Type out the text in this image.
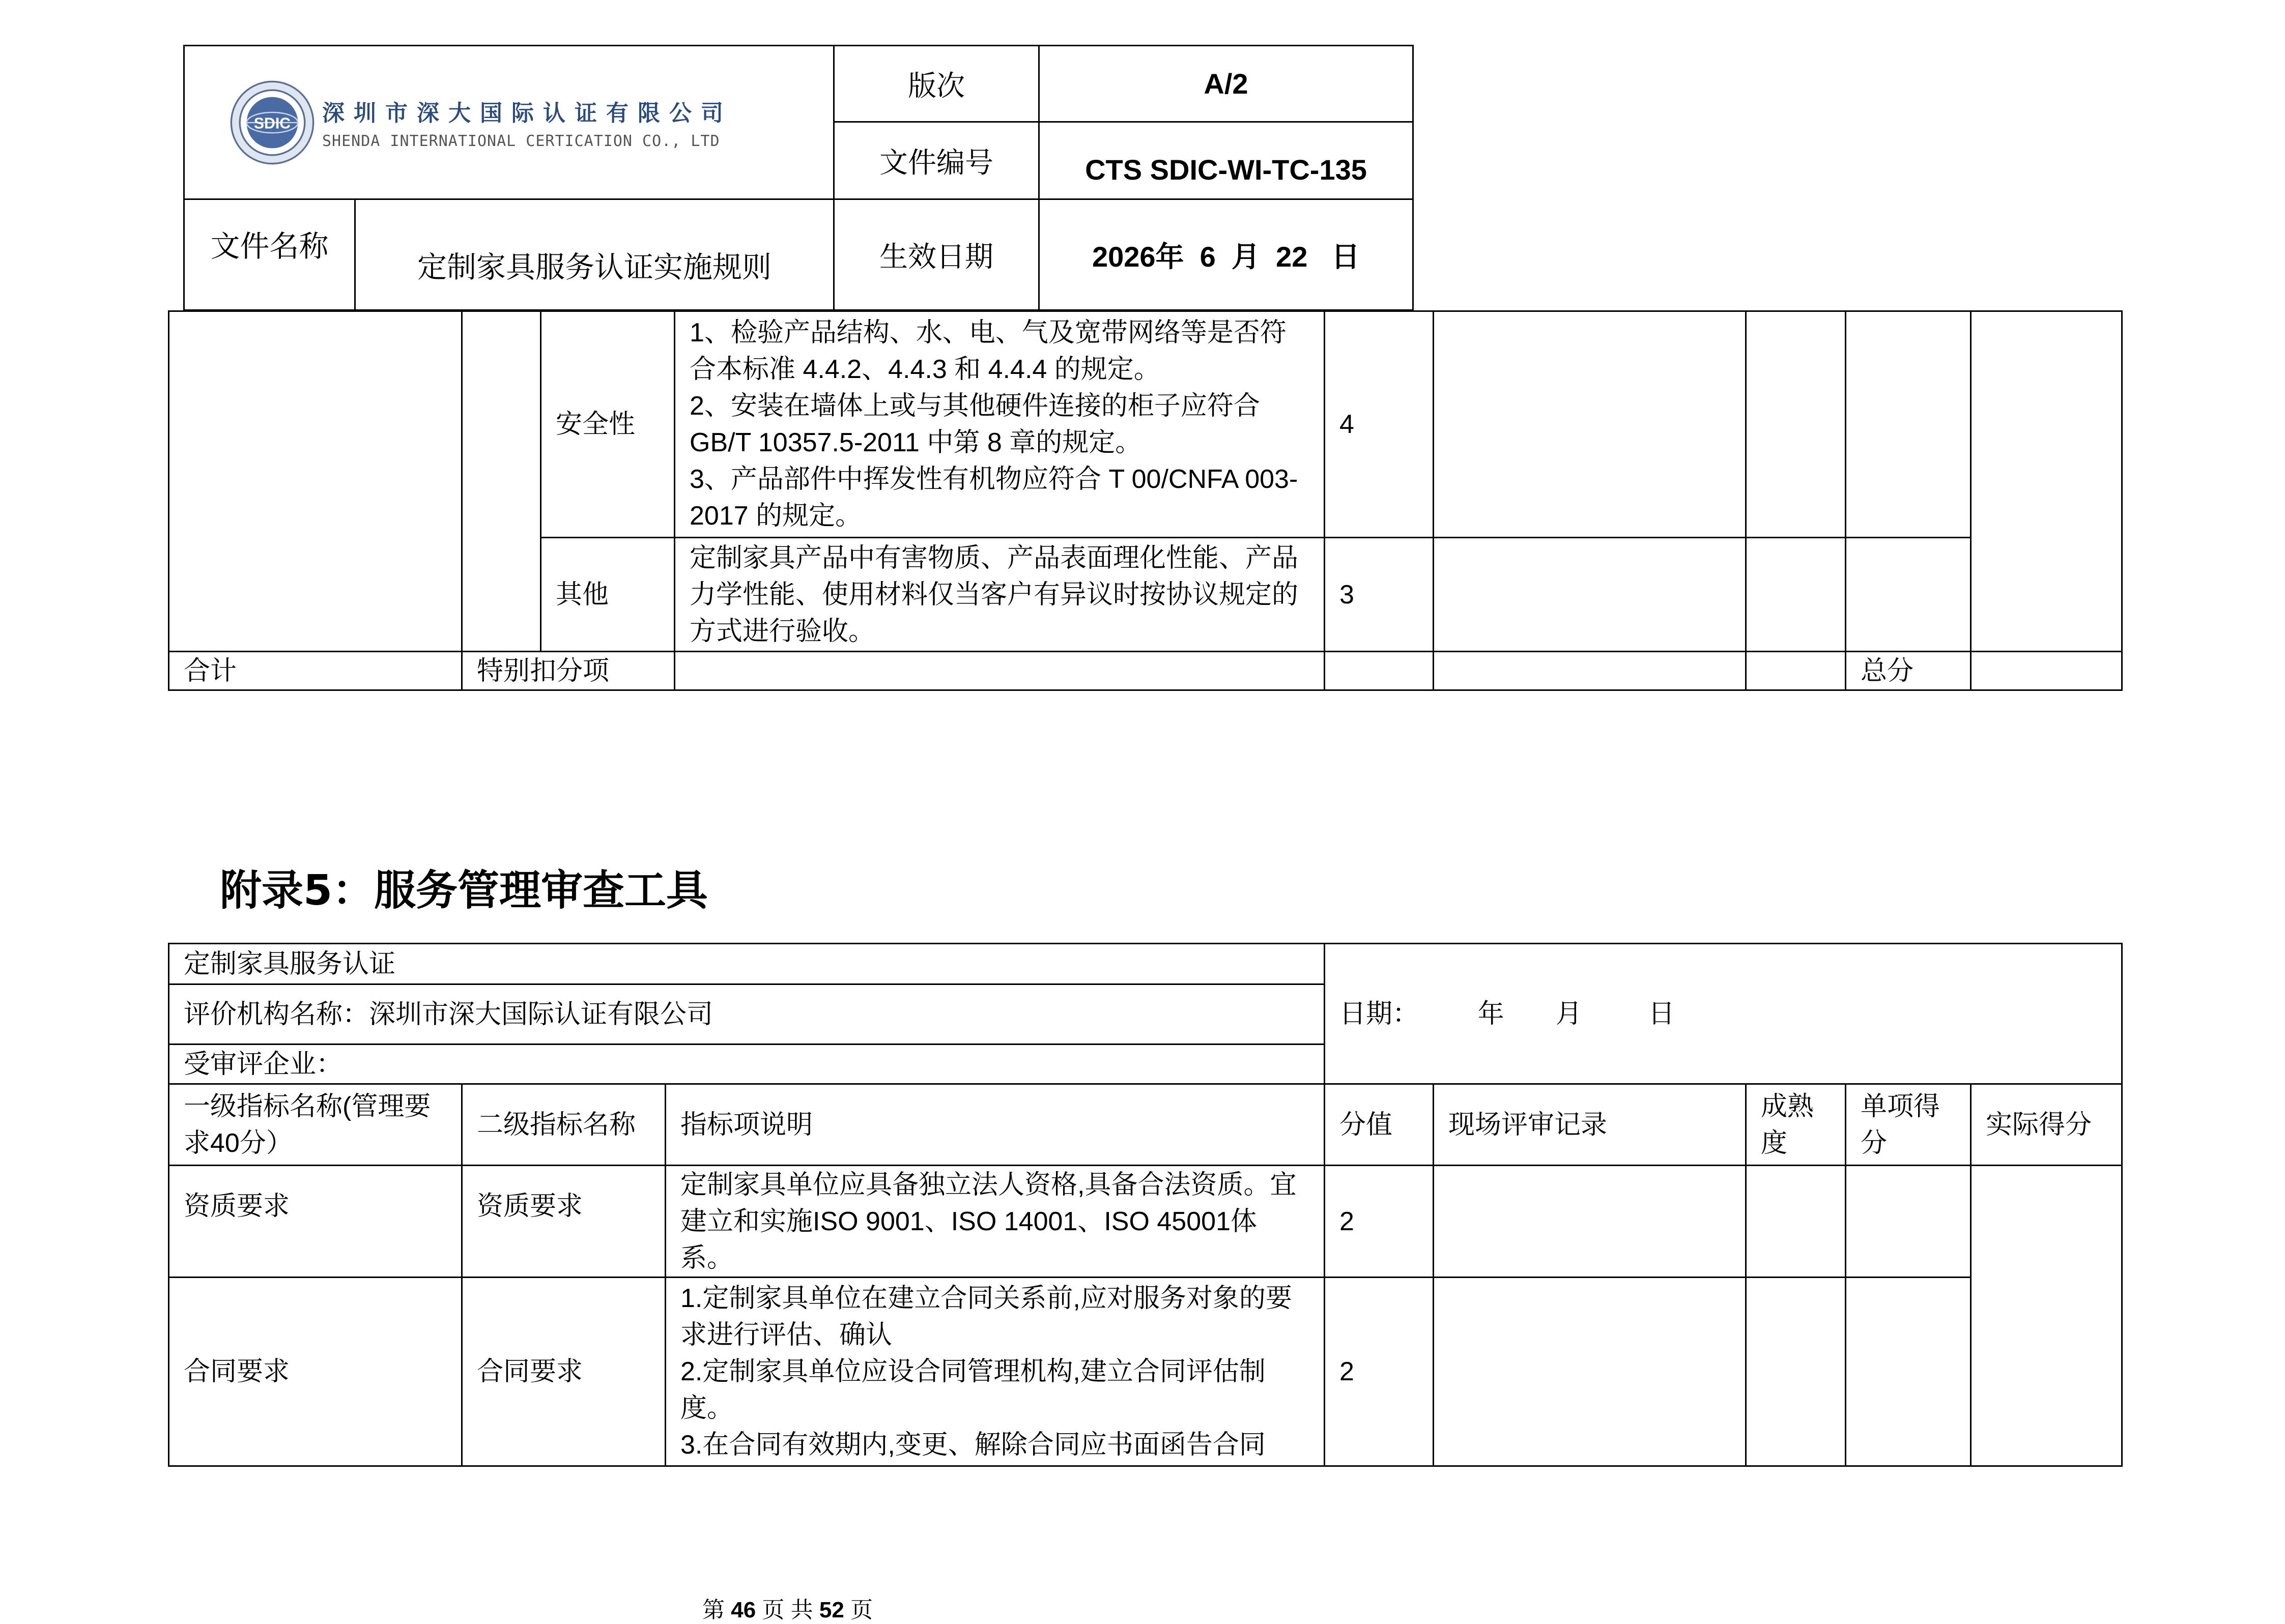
SDIC 深圳市深大国际认证有限公司
SHENDA INTERNATIONAL CERTICATION CO., LTD		版次	A/2
		文件编号	CTS SDIC-WI-TC-135
文件名称	定制家具服务认证实施规则	生效日期	2026年  6  月  22   日
		安全性	1、检验产品结构、水、电、气及宽带网络等是否符合本标准 4.4.2、4.4.3 和 4.4.4 的规定。
2、安装在墙体上或与其他硬件连接的柜子应符合 GB/T 10357.5-2011 中第 8 章的规定。
3、产品部件中挥发性有机物应符合 T 00/CNFA 003-2017 的规定。	4				
		其他	定制家具产品中有害物质、产品表面理化性能、产品力学性能、使用材料仅当客户有异议时按协议规定的方式进行验收。	3				
合计	特别扣分项						总分	
附录5：服务管理审查工具
定制家具服务认证			日期：        年       月         日				
评价机构名称：深圳市深大国际认证有限公司							
受审评企业：							
一级指标名称(管理要求40分）	二级指标名称	指标项说明	分值	现场评审记录	成熟度	单项得分	实际得分
资质要求	资质要求	定制家具单位应具备独立法人资格,具备合法资质。宜建立和实施ISO 9001、ISO 14001、ISO 45001体系。	2				
合同要求	合同要求	1.定制家具单位在建立合同关系前,应对服务对象的要求进行评估、确认
2.定制家具单位应设合同管理机构,建立合同评估制度。
3.在合同有效期内,变更、解除合同应书面函告合同	2				
第 46 页 共 52 页
